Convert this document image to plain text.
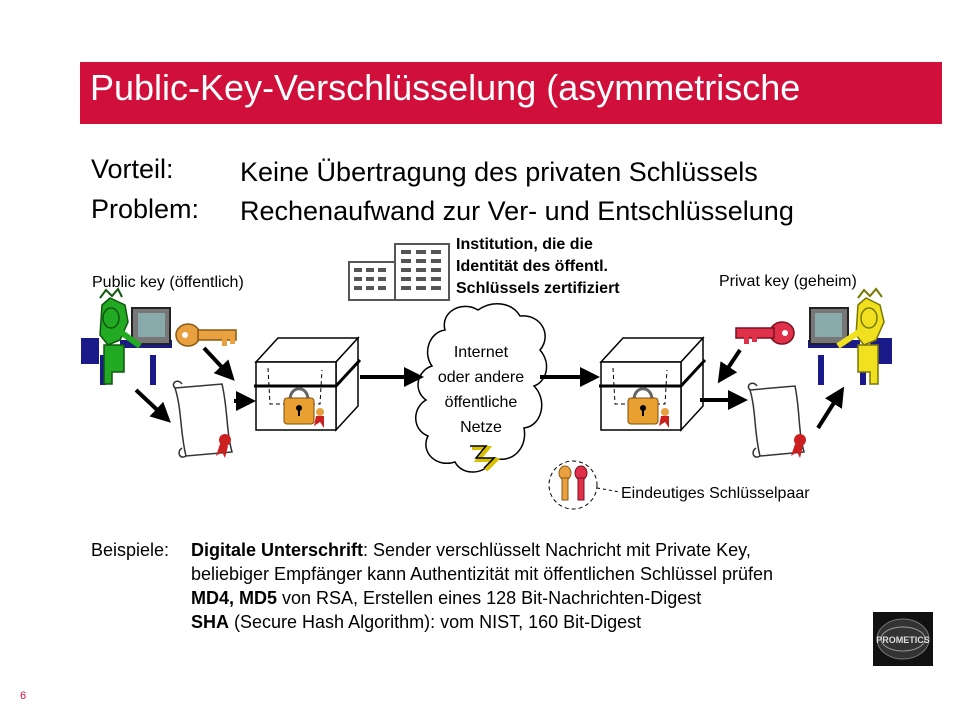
Public-Key-Verschlüsselung (asymmetrische
Vorteil: Keine Übertragung des privaten Schlüssels
Problem: Rechenaufwand zur Ver- und Entschlüsselung
Public key (öffentlich)	Privat key (geheim)
Institution, die die
Identität des öffentl.
Schlüssels zertifiziert
Internet
oder andere
öffentliche
Netze
Eindeutiges Schlüsselpaar
Beispiele: Digitale Unterschrift: Sender verschlüsselt Nachricht mit Private Key,
beliebiger Empfänger kann Authentizität mit öffentlichen Schlüssel prüfen
MD4, MD5 von RSA, Erstellen eines 128 Bit-Nachrichten-Digest
SHA (Secure Hash Algorithm): vom NIST, 160 Bit-Digest
PROMETICS
6
